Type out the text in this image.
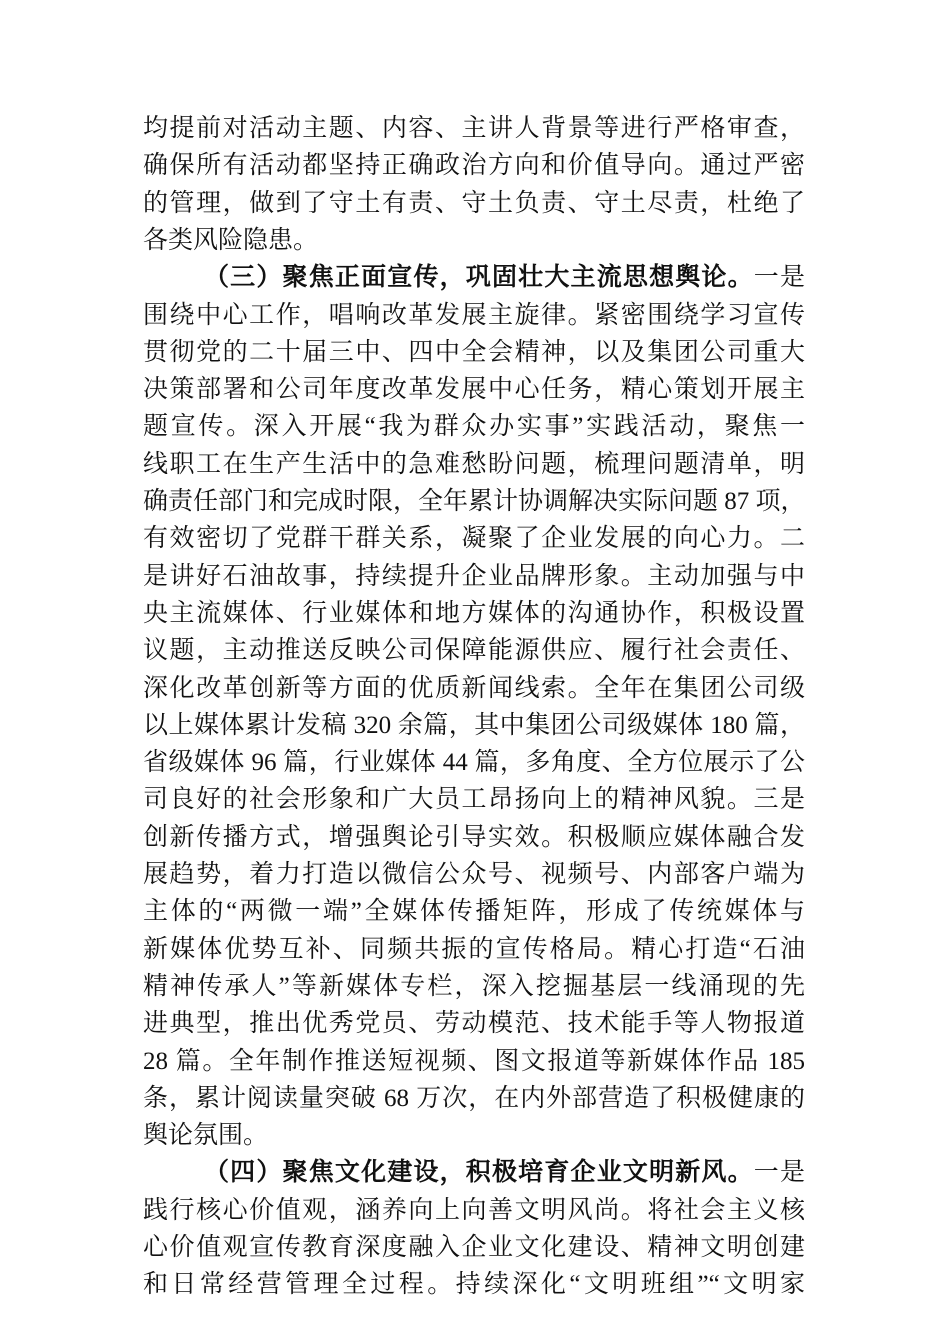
均提前对活动主题、内容、主讲人背景等进行严格审查，
确保所有活动都坚持正确政治方向和价值导向。通过严密
的管理，做到了守土有责、守土负责、守土尽责，杜绝了
各类风险隐患。
（三）聚焦正面宣传，巩固壮大主流思想舆论。一是
围绕中心工作，唱响改革发展主旋律。紧密围绕学习宣传
贯彻党的二十届三中、四中全会精神，以及集团公司重大
决策部署和公司年度改革发展中心任务，精心策划开展主
题宣传。深入开展“我为群众办实事”实践活动，聚焦一
线职工在生产生活中的急难愁盼问题，梳理问题清单，明
确责任部门和完成时限，全年累计协调解决实际问题 87 项，
有效密切了党群干群关系，凝聚了企业发展的向心力。二
是讲好石油故事，持续提升企业品牌形象。主动加强与中
央主流媒体、行业媒体和地方媒体的沟通协作，积极设置
议题，主动推送反映公司保障能源供应、履行社会责任、
深化改革创新等方面的优质新闻线索。全年在集团公司级
以上媒体累计发稿 320 余篇，其中集团公司级媒体 180 篇，
省级媒体 96 篇，行业媒体 44 篇，多角度、全方位展示了公
司良好的社会形象和广大员工昂扬向上的精神风貌。三是
创新传播方式，增强舆论引导实效。积极顺应媒体融合发
展趋势，着力打造以微信公众号、视频号、内部客户端为
主体的“两微一端”全媒体传播矩阵，形成了传统媒体与
新媒体优势互补、同频共振的宣传格局。精心打造“石油
精神传承人”等新媒体专栏，深入挖掘基层一线涌现的先
进典型，推出优秀党员、劳动模范、技术能手等人物报道
28 篇。全年制作推送短视频、图文报道等新媒体作品 185
条，累计阅读量突破 68 万次，在内外部营造了积极健康的
舆论氛围。
（四）聚焦文化建设，积极培育企业文明新风。一是
践行核心价值观，涵养向上向善文明风尚。将社会主义核
心价值观宣传教育深度融入企业文化建设、精神文明创建
和日常经营管理全过程。持续深化“文明班组”“文明家
